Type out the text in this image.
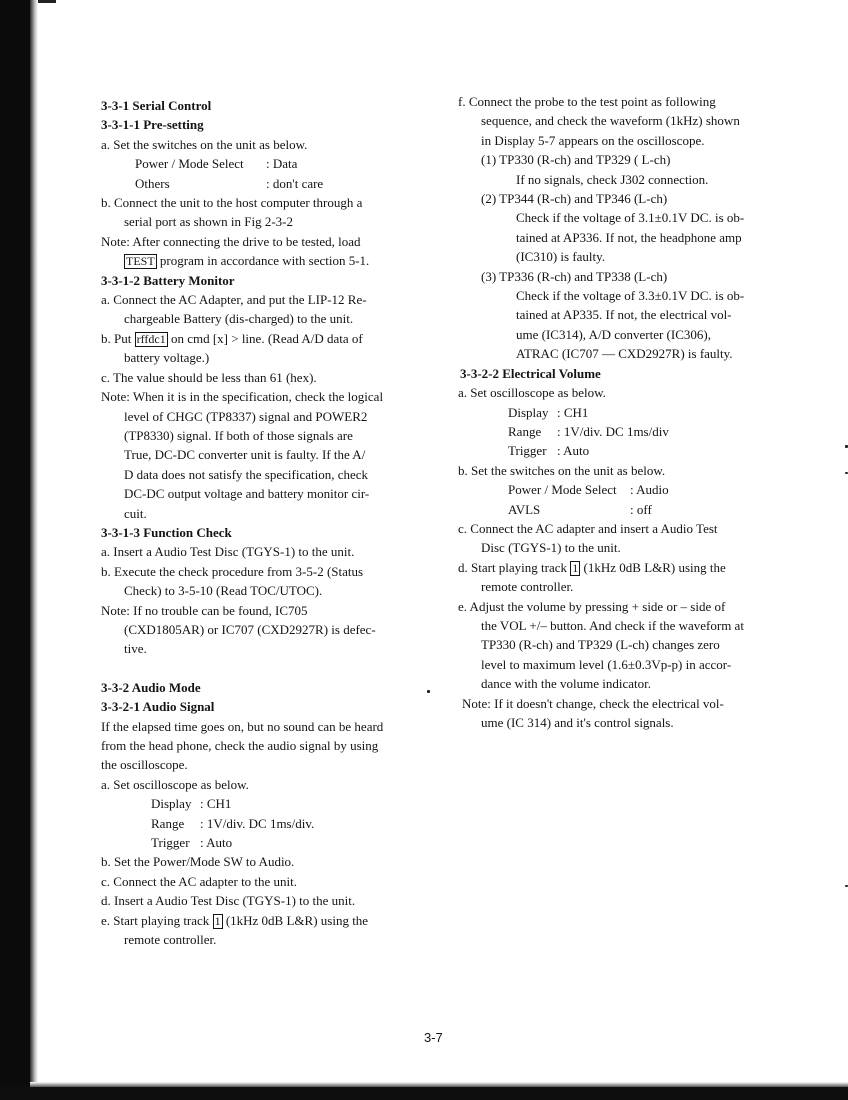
3-3-1 Serial Control
3-3-1-1 Pre-setting
a. Set the switches on the unit as below.
Power / Mode Select : Data
Others	: don't care
b. Connect the unit to the host computer through a
serial port as shown in Fig 2-3-2
Note: After connecting the drive to be tested, load
TEST program in accordance with section 5-1.
3-3-1-2 Battery Monitor
a. Connect the AC Adapter, and put the LIP-12 Re-
chargeable Battery (dis-charged) to the unit.
b. Put rffdc1 on cmd [x] > line. (Read A/D data of
battery voltage.)
c. The value should be less than 61 (hex).
Note: When it is in the specification, check the logical
level of CHGC (TP8337) signal and POWER2
(TP8330) signal. If both of those signals are
True, DC-DC converter unit is faulty. If the A/
D data does not satisfy the specification, check
DC-DC output voltage and battery monitor cir-
cuit.
3-3-1-3 Function Check
a. Insert a Audio Test Disc (TGYS-1) to the unit.
b. Execute the check procedure from 3-5-2 (Status
Check) to 3-5-10 (Read TOC/UTOC).
Note: If no trouble can be found, IC705
(CXD1805AR) or IC707 (CXD2927R) is defec-
tive.
3-3-2 Audio Mode
3-3-2-1 Audio Signal
If the elapsed time goes on, but no sound can be heard
from the head phone, check the audio signal by using
the oscilloscope.
a. Set oscilloscope as below.
Display : CH1
Range : 1V/div. DC 1ms/div.
Trigger : Auto
b. Set the Power/Mode SW to Audio.
c. Connect the AC adapter to the unit.
d. Insert a Audio Test Disc (TGYS-1) to the unit.
e. Start playing track 1 (1kHz 0dB L&R) using the
remote controller.
f. Connect the probe to the test point as following
sequence, and check the waveform (1kHz) shown
in Display 5-7 appears on the oscilloscope.
(1) TP330 (R-ch) and TP329 ( L-ch)
If no signals, check J302 connection.
(2) TP344 (R-ch) and TP346 (L-ch)
Check if the voltage of 3.1±0.1V DC. is ob-
tained at AP336. If not, the headphone amp
(IC310) is faulty.
(3) TP336 (R-ch) and TP338 (L-ch)
Check if the voltage of 3.3±0.1V DC. is ob-
tained at AP335. If not, the electrical vol-
ume (IC314), A/D converter (IC306),
ATRAC (IC707 — CXD2927R) is faulty.
3-3-2-2 Electrical Volume
a. Set oscilloscope as below.
Display : CH1
Range : 1V/div. DC 1ms/div
Trigger : Auto
b. Set the switches on the unit as below.
Power / Mode Select : Audio
AVLS	: off
c. Connect the AC adapter and insert a Audio Test
Disc (TGYS-1) to the unit.
d. Start playing track 1 (1kHz 0dB L&R) using the
remote controller.
e. Adjust the volume by pressing + side or – side of
the VOL +/– button. And check if the waveform at
TP330 (R-ch) and TP329 (L-ch) changes zero
level to maximum level (1.6±0.3Vp-p) in accor-
dance with the volume indicator.
Note: If it doesn't change, check the electrical vol-
ume (IC 314) and it's control signals.
3-7
